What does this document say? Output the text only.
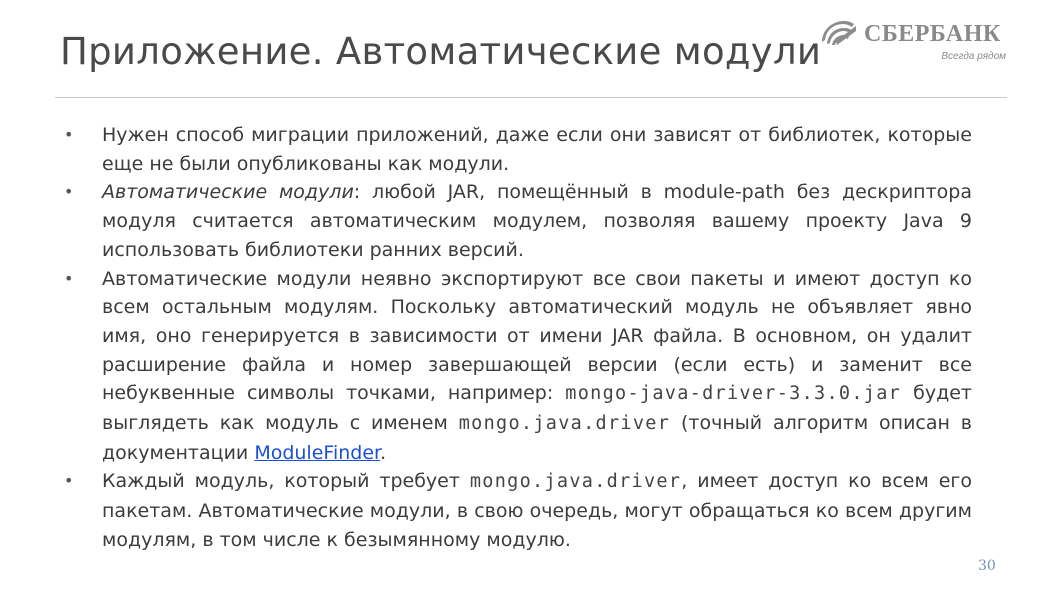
Приложение. Автоматические модули СБЕРБАНК
Всегда рядом
• Нужен способ миграции приложений, даже если они зависят от библиотек, которые еще не были опубликованы как модули.
• Автоматические модули: любой JAR, помещённый в module-path без дескриптора модуля считается автоматическим модулем, позволяя вашему проекту Java 9 использовать библиотеки ранних версий.
• Автоматические модули неявно экспортируют все свои пакеты и имеют доступ ко всем остальным модулям. Поскольку автоматический модуль не объявляет явно имя, оно генерируется в зависимости от имени JAR файла. В основном, он удалит расширение файла и номер завершающей версии (если есть) и заменит все небуквенные символы точками, например: mongo-java-driver-3.3.0.jar будет выглядеть как модуль с именем mongo.java.driver (точный алгоритм описан в документации ModuleFinder.
• Каждый модуль, который требует mongo.java.driver, имеет доступ ко всем его пакетам. Автоматические модули, в свою очередь, могут обращаться ко всем другим модулям, в том числе к безымянному модулю.
30
